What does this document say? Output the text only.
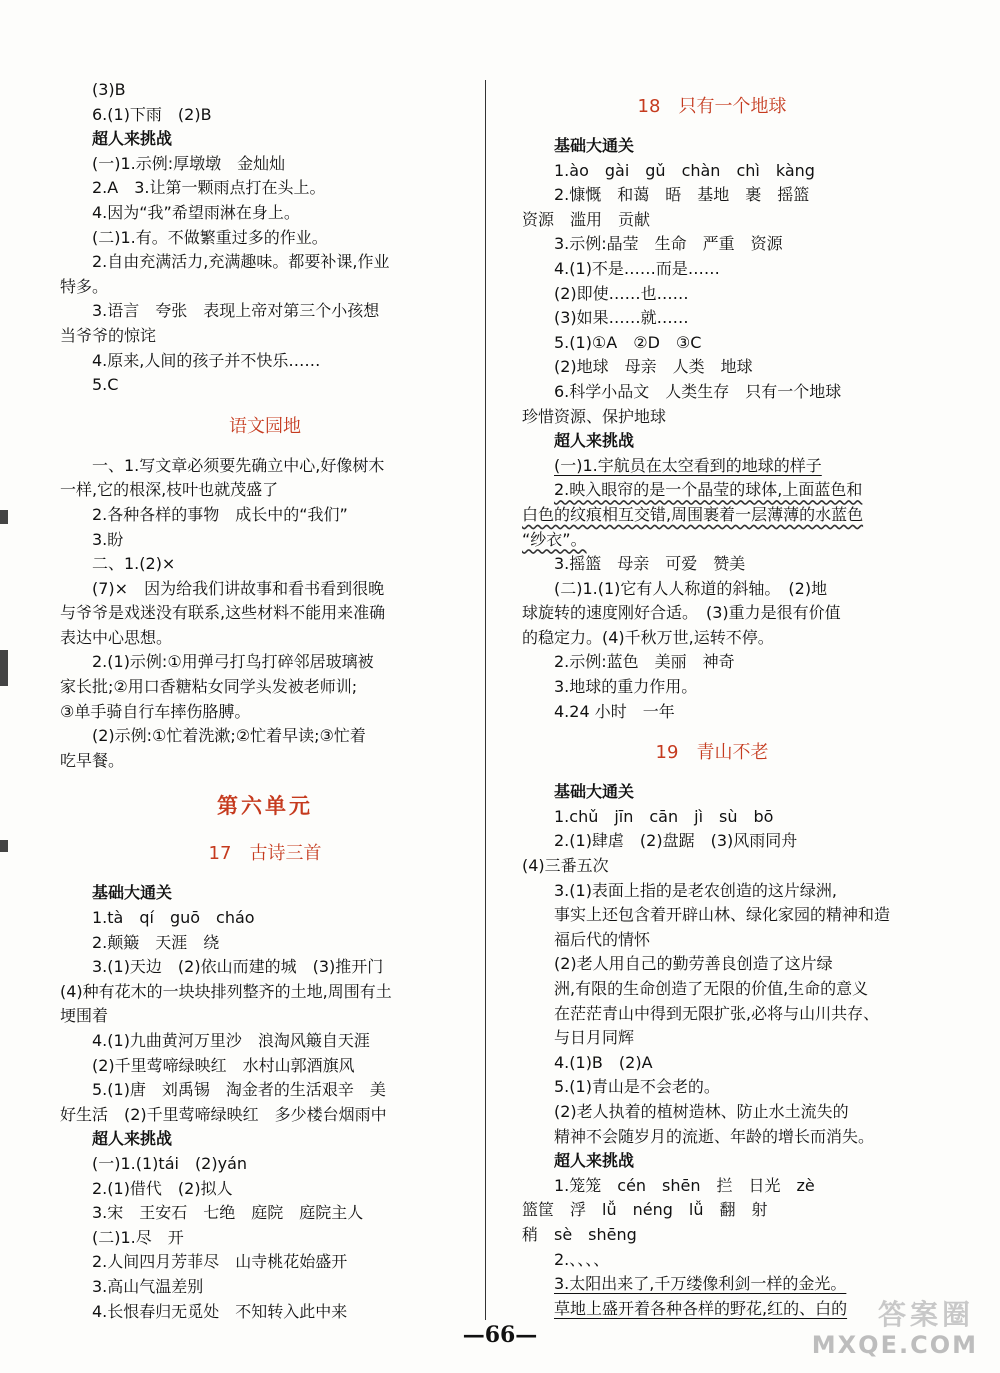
(3)B
6.(1)下雨　(2)B
超人来挑战
(一)1.示例:厚墩墩　金灿灿
2.A　3.让第一颗雨点打在头上。
4.因为“我”希望雨淋在身上。
(二)1.有。不做繁重过多的作业。
2.自由充满活力,充满趣味。都要补课,作业
特多。
3.语言　夸张　表现上帝对第三个小孩想
当爷爷的惊诧
4.原来,人间的孩子并不快乐……
5.C
语文园地
一、1.写文章必须要先确立中心,好像树木
一样,它的根深,枝叶也就茂盛了
2.各种各样的事物　成长中的“我们”
3.盼
二、1.(2)×
(7)×　因为给我们讲故事和看书看到很晚
与爷爷是戏迷没有联系,这些材料不能用来准确
表达中心思想。
2.(1)示例:①用弹弓打鸟打碎邻居玻璃被
家长批;②用口香糖粘女同学头发被老师训;
③单手骑自行车摔伤胳膊。
(2)示例:①忙着洗漱;②忙着早读;③忙着
吃早餐。
第六单元
17　古诗三首
基础大通关
1.tà　qí　guō　cháo
2.颠簸　天涯　绕
3.(1)天边　(2)依山而建的城　(3)推开门
(4)种有花木的一块块排列整齐的土地,周围有土
埂围着
4.(1)九曲黄河万里沙　浪淘风簸自天涯
(2)千里莺啼绿映红　水村山郭酒旗风
5.(1)唐　刘禹锡　淘金者的生活艰辛　美
好生活　(2)千里莺啼绿映红　多少楼台烟雨中
超人来挑战
(一)1.(1)tái　(2)yán
2.(1)借代　(2)拟人
3.宋　王安石　七绝　庭院　庭院主人
(二)1.尽　开
2.人间四月芳菲尽　山寺桃花始盛开
3.高山气温差别
4.长恨春归无觅处　不知转入此中来
18　只有一个地球
基础大通关
1.ào　gài　gǔ　chàn　chì　kàng
2.慷慨　和蔼　晤　基地　裹　摇篮
资源　滥用　贡献
3.示例:晶莹　生命　严重　资源
4.(1)不是……而是……
(2)即使……也……
(3)如果……就……
5.(1)①A　②D　③C
(2)地球　母亲　人类　地球
6.科学小品文　人类生存　只有一个地球
珍惜资源、保护地球
超人来挑战
(一)1.宇航员在太空看到的地球的样子
2.映入眼帘的是一个晶莹的球体,上面蓝色和
白色的纹痕相互交错,周围裹着一层薄薄的水蓝色
“纱衣”。
3.摇篮　母亲　可爱　赞美
(二)1.(1)它有人人称道的斜轴。　(2)地
球旋转的速度刚好合适。　(3)重力是很有价值
的稳定力。(4)千秋万世,运转不停。
2.示例:蓝色　美丽　神奇
3.地球的重力作用。
4.24 小时　一年
19　青山不老
基础大通关
1.chǔ　jīn　cān　jì　sù　bō
2.(1)肆虐　(2)盘踞　(3)风雨同舟
(4)三番五次
3.(1)表面上指的是老农创造的这片绿洲,
事实上还包含着开辟山林、绿化家园的精神和造
福后代的情怀
(2)老人用自己的勤劳善良创造了这片绿
洲,有限的生命创造了无限的价值,生命的意义
在茫茫青山中得到无限扩张,必将与山川共存、
与日月同辉
4.(1)B　(2)A
5.(1)青山是不会老的。
(2)老人执着的植树造林、防止水土流失的
精神不会随岁月的流逝、年龄的增长而消失。
超人来挑战
1.笼笼　cén　shēn　拦　日光　zè
篮筐　浮　lǚ　néng　lǚ　翻　射
稍　sè　shēng
2.、、、、
3.太阳出来了,千万缕像利剑一样的金光。
草地上盛开着各种各样的野花,红的、白的
—66—
答案圈
MXQE.COM
